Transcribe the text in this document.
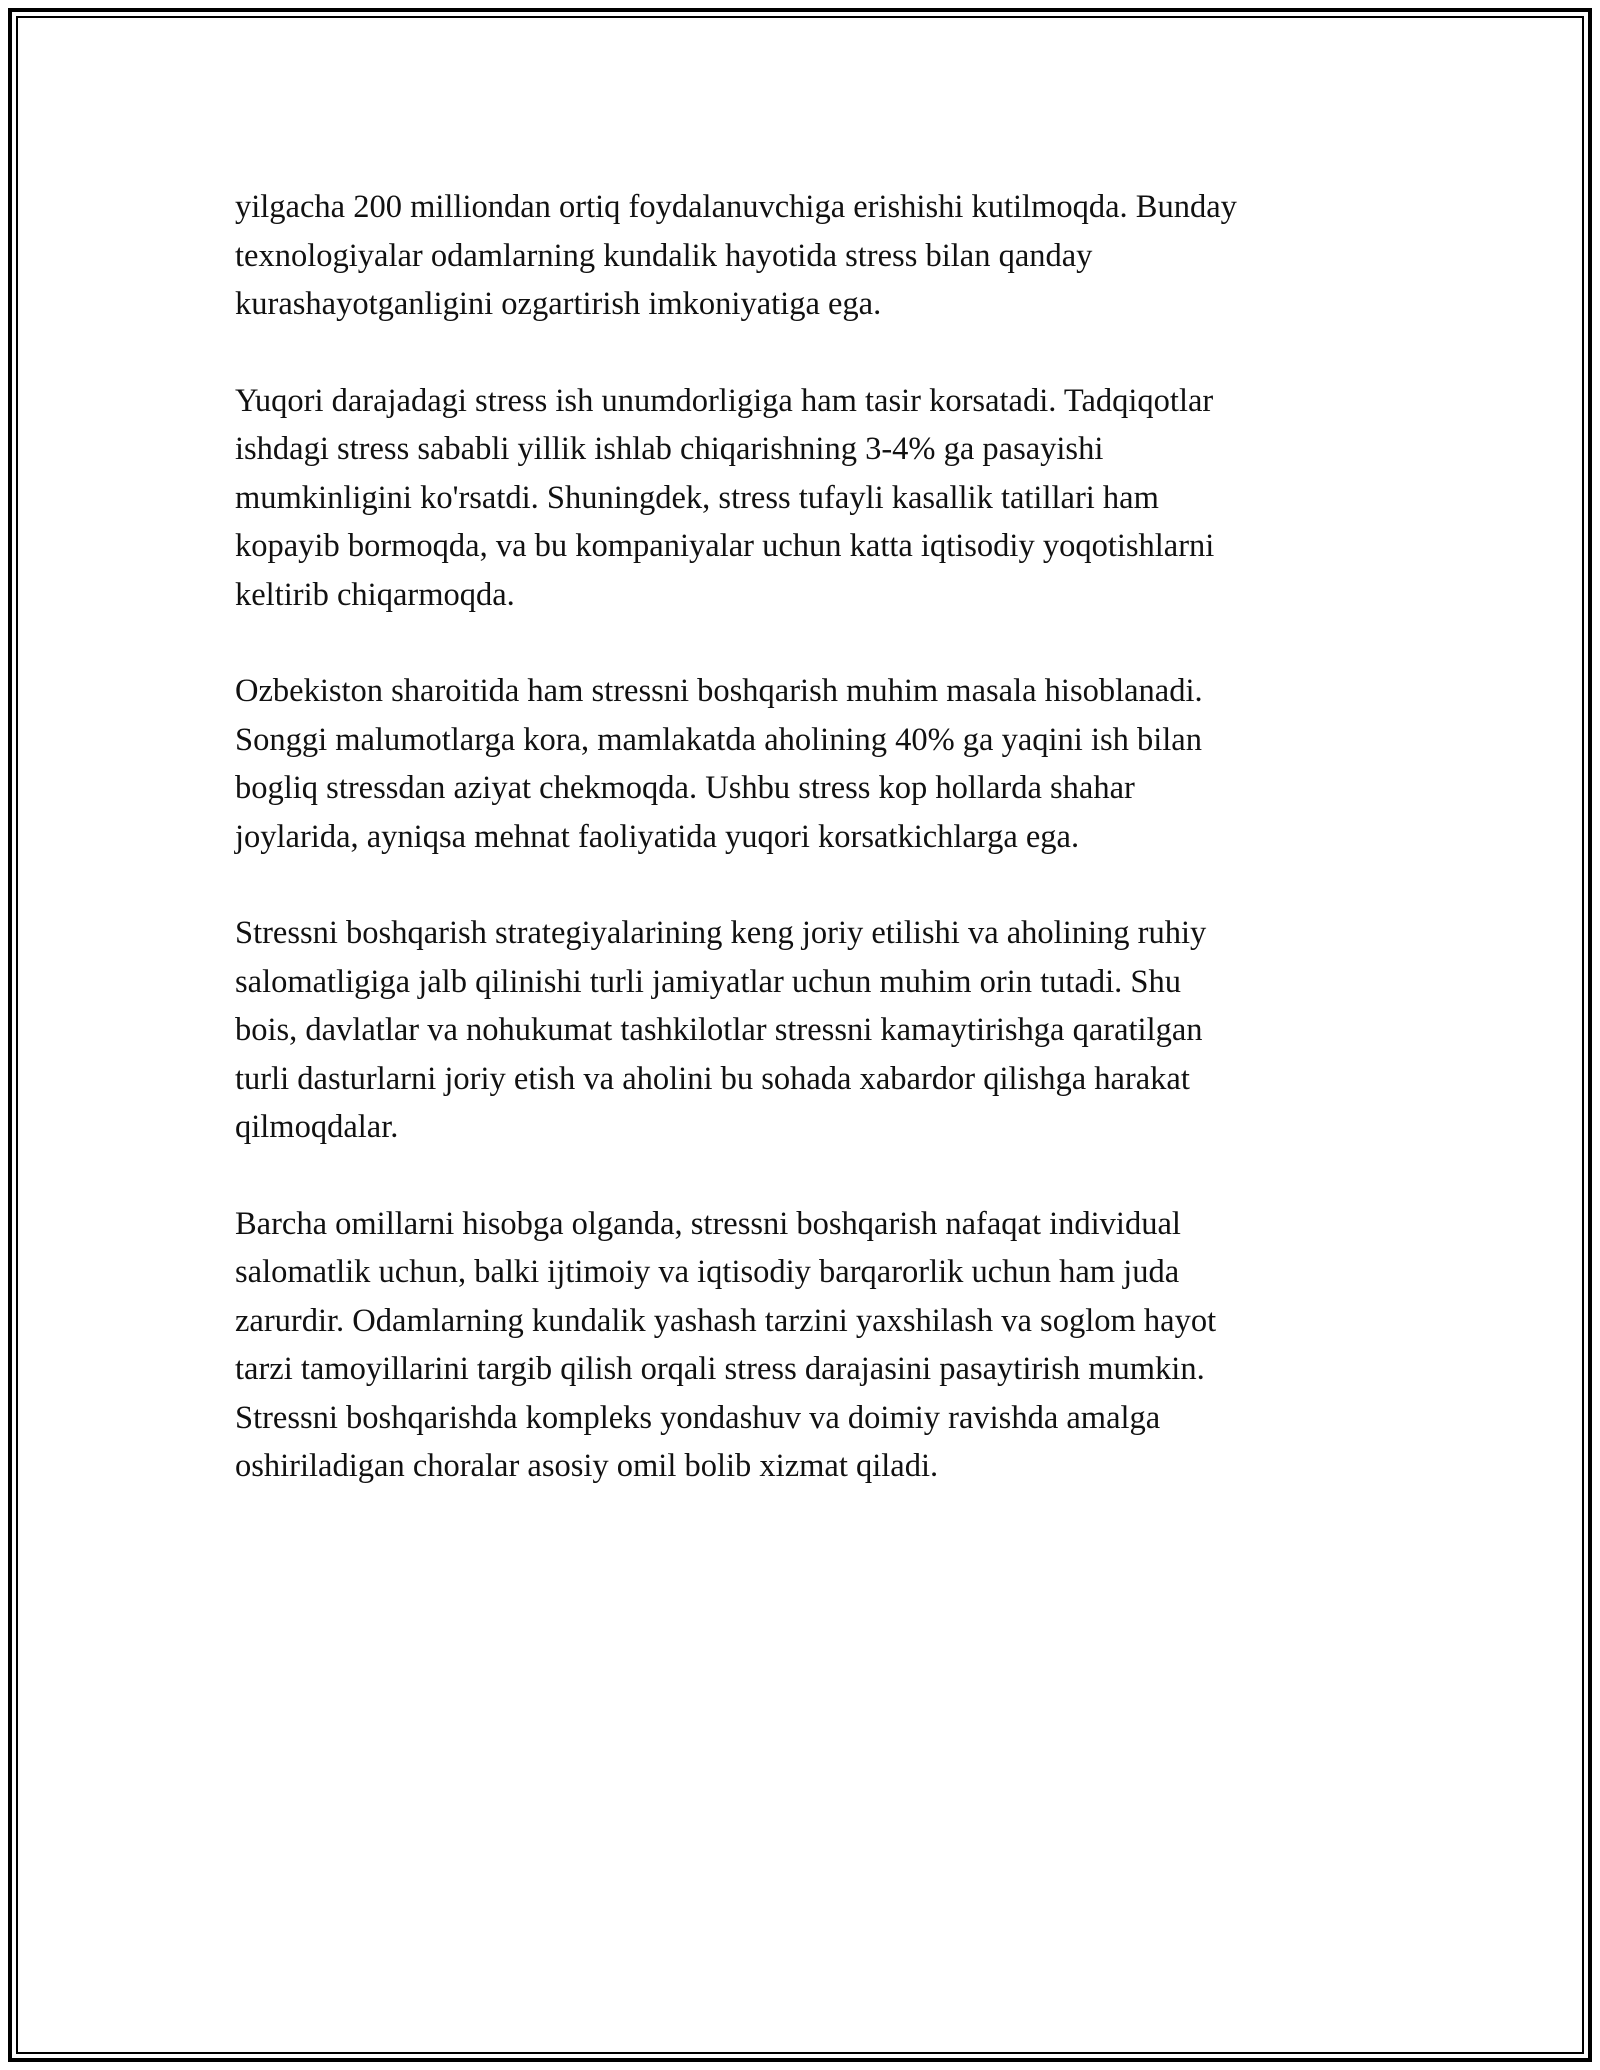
yilgacha 200 milliondan ortiq foydalanuvchiga erishishi kutilmoqda. Bunday
texnologiyalar odamlarning kundalik hayotida stress bilan qanday
kurashayotganligini ozgartirish imkoniyatiga ega.

Yuqori darajadagi stress ish unumdorligiga ham tasir korsatadi. Tadqiqotlar
ishdagi stress sababli yillik ishlab chiqarishning 3-4% ga pasayishi
mumkinligini ko'rsatdi. Shuningdek, stress tufayli kasallik tatillari ham
kopayib bormoqda, va bu kompaniyalar uchun katta iqtisodiy yoqotishlarni
keltirib chiqarmoqda.

Ozbekiston sharoitida ham stressni boshqarish muhim masala hisoblanadi.
Songgi malumotlarga kora, mamlakatda aholining 40% ga yaqini ish bilan
bogliq stressdan aziyat chekmoqda. Ushbu stress kop hollarda shahar
joylarida, ayniqsa mehnat faoliyatida yuqori korsatkichlarga ega.

Stressni boshqarish strategiyalarining keng joriy etilishi va aholining ruhiy
salomatligiga jalb qilinishi turli jamiyatlar uchun muhim orin tutadi. Shu
bois, davlatlar va nohukumat tashkilotlar stressni kamaytirishga qaratilgan
turli dasturlarni joriy etish va aholini bu sohada xabardor qilishga harakat
qilmoqdalar.

Barcha omillarni hisobga olganda, stressni boshqarish nafaqat individual
salomatlik uchun, balki ijtimoiy va iqtisodiy barqarorlik uchun ham juda
zarurdir. Odamlarning kundalik yashash tarzini yaxshilash va soglom hayot
tarzi tamoyillarini targib qilish orqali stress darajasini pasaytirish mumkin.
Stressni boshqarishda kompleks yondashuv va doimiy ravishda amalga
oshiriladigan choralar asosiy omil bolib xizmat qiladi.
